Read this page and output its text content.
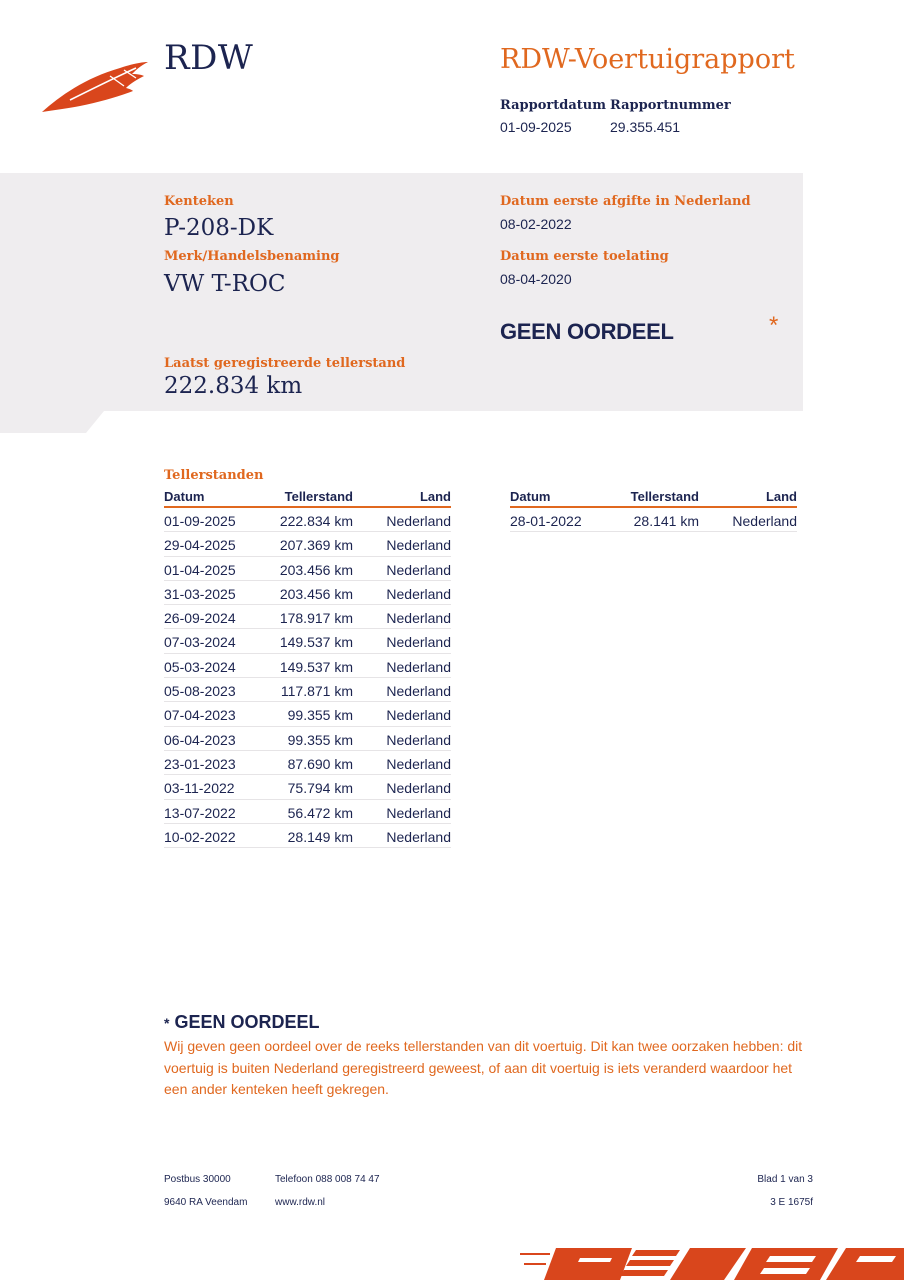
RDW	RDW-Voertuigrapport
Rapportdatum
01-09-2025
Rapportnummer
29.355.451
Kenteken
P-208-DK
Merk/Handelsbenaming
VW T-ROC
Laatst geregistreerde tellerstand
222.834 km
Datum eerste afgifte in Nederland
08-02-2022
Datum eerste toelating
08-04-2020
GEEN OORDEEL	*
Tellerstanden
Datum	Tellerstand	Land
01-09-2025	222.834 km Nederland
29-04-2025	207.369 km Nederland
01-04-2025	203.456 km Nederland
31-03-2025	203.456 km Nederland
26-09-2024	178.917 km Nederland
07-03-2024	149.537 km Nederland
05-03-2024	149.537 km Nederland
05-08-2023	117.871 km Nederland
07-04-2023	99.355 km Nederland
06-04-2023	99.355 km Nederland
23-01-2023	87.690 km Nederland
03-11-2022	75.794 km Nederland
13-07-2022	56.472 km Nederland
10-02-2022	28.149 km Nederland
Datum	Tellerstand	Land
28-01-2022	28.141 km Nederland
* GEEN OORDEEL
Wij geven geen oordeel over de reeks tellerstanden van dit voertuig. Dit kan twee oorzaken hebben: dit voertuig is buiten Nederland geregistreerd geweest, of aan dit voertuig is iets veranderd waardoor het een ander kenteken heeft gekregen.
Postbus 30000
9640 RA Veendam
Telefoon 088 008 74 47
www.rdw.nl
Blad 1 van 3
3 E 1675f
